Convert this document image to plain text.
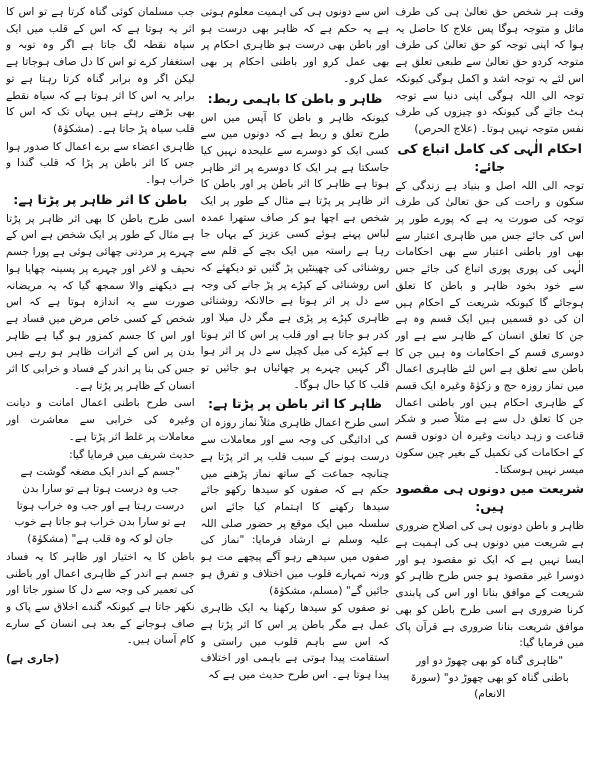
وقت ہر شخص حق تعالیٰ ہی کی طرف مائل و متوجہ ہوگا پس علاج کا حاصل یہ ہوا کہ اپنی توجہ کو حق تعالیٰ کی طرف متوجہ کردو حق تعالیٰ سے طبعی تعلق ہے اس لئے یہ توجہ اشد و اکمل ہوگی کیونکہ توجہ الی اللہ ہوگی اپنی دنیا سے توجہ ہٹ جائے گی کیونکہ دو چیزوں کی طرف نفس متوجہ نہیں ہوتا۔ (علاج الحرص)
احکام الٰہی کی کامل اتباع کی جائے:
توجہ الی اللہ اصل و بنیاد ہے زندگی کے سکون و راحت کی حق تعالیٰ کی طرف توجہ کی صورت یہ ہے کہ پورے طور پر اس کی جائے جس میں ظاہری اعتبار سے بھی اور باطنی اعتبار سے بھی احکامات الٰہی کی پوری پوری اتباع کی جائے جس سے خود بخود ظاہر و باطن کا تعلق ہوجائے گا کیونکہ شریعت کے احکام ہیں ان کی دو قسمیں ہیں ایک قسم وہ ہے جن کا تعلق انسان کے ظاہر سے ہے اور دوسری قسم کے احکامات وہ ہیں جن کا باطن سے تعلق ہے اس لئے ظاہری اعمال میں نماز روزہ حج و زکوٰۃ وغیرہ ایک قسم کے ظاہری احکام ہیں اور باطنی اعمال جن کا تعلق دل سے ہے مثلاً صبر و شکر قناعت و زہد دیانت وغیرہ ان دونوں قسم کے احکامات کی تکمیل کے بغیر چین سکون میسر نہیں ہوسکتا۔
شریعت میں دونوں ہی مقصود ہیں:
ظاہر و باطن دونوں ہی کی اصلاح ضروری ہے شریعت میں دونوں ہی کی اہمیت ہے ایسا نہیں ہے کہ ایک تو مقصود ہو اور دوسرا غیر مقصود ہو جس طرح ظاہر کو شریعت کے موافق بنانا اور اس کی پابندی کرنا ضروری ہے اسی طرح باطن کو بھی موافق شریعت بنانا ضروری ہے قرآن پاک میں فرمایا گیا:
"ظاہری گناہ کو بھی چھوڑ دو اور باطنی گناہ کو بھی چھوڑ دو" (سورۃ الانعام)
اس سے دونوں ہی کی اہمیت معلوم ہوتی ہے یہ حکم ہے کہ ظاہر بھی درست ہو اور باطن بھی درست ہو ظاہری احکام پر بھی عمل کرو اور باطنی احکام پر بھی عمل کرو۔
ظاہر و باطن کا باہمی ربط:
کیونکہ ظاہر و باطن کا آپس میں اس طرح تعلق و ربط ہے کہ دونوں میں سے کسی ایک کو دوسرے سے علیحدہ نہیں کیا جاسکتا ہے ہر ایک کا دوسرے پر اثر ظاہر ہوتا ہے ظاہر کا اثر باطن پر اور باطن کا اثر ظاہر پر پڑتا ہے مثال کے طور پر ایک شخص ہے اچھا ہو کر صاف ستھرا عمدہ لباس پہنے ہوئے کسی عزیز کے یہاں جا رہا ہے راستہ میں ایک بچے کے قلم سے روشنائی کی چھینٹیں پڑ گئیں تو دیکھئے کہ اس روشنائی کے کپڑے پر پڑ جانے کی وجہ سے دل پر اثر ہوتا ہے حالانکہ روشنائی ظاہری کپڑے پر پڑی ہے مگر دل میلا اور کدر ہو جاتا ہے اور قلب پر اس کا اثر ہوتا ہے کپڑے کی میل کچیل سے دل پر اثر ہوا اگر کہیں چہرے پر چھائیاں ہو جائیں تو قلب کا کیا حال ہوگا۔
ظاہر کا اثر باطن پر پڑتا ہے:
اسی طرح اعمال ظاہری مثلاً نماز روزہ ان کی ادائیگی کی وجہ سے اور معاملات سے درست ہونے کے سبب قلب پر اثر پڑتا ہے چنانچہ جماعت کے ساتھ نماز پڑھنے میں حکم ہے کہ صفوں کو سیدھا رکھو جائے سیدھا رکھنے کا اہتمام کیا جائے اس سلسلہ میں ایک موقع پر حضور صلی اللہ علیہ وسلم نے ارشاد فرمایا: "نماز کی صفوں میں سیدھے رہو آگے پیچھے مت ہو ورنہ تمہارے قلوب میں اختلاف و تفرق ہو جائیں گے" (مسلم، مشکوٰۃ)
تو صفوں کو سیدھا رکھنا یہ ایک ظاہری عمل ہے مگر باطن پر اس کا اثر پڑتا ہے کہ اس سے باہم قلوب میں راستی و استقامت پیدا ہوتی ہے باہمی اور اختلاف پیدا ہوتا ہے۔ اس طرح حدیث میں ہے کہ
جب مسلمان کوئی گناہ کرتا ہے تو اس کا اثر یہ ہوتا ہے کہ اس کے قلب میں ایک سیاہ نقطہ لگ جاتا ہے اگر وہ توبہ و استغفار کرے تو اس کا دل صاف ہوجاتا ہے لیکن اگر وہ برابر گناہ کرتا رہتا ہے تو برابر یہ اس کا اثر ہوتا ہے کہ سیاہ نقطے بھی بڑھتے رہتے ہیں یہاں تک کہ اس کا قلب سیاہ پڑ جاتا ہے۔ (مشکوٰۃ)
ظاہری اعضاء سے برے اعمال کا صدور ہوا جس کا اثر باطن پر پڑا کہ قلب گندا و خراب ہوا۔
باطن کا اثر ظاہر پر پڑتا ہے:
اسی طرح باطن کا بھی اثر ظاہر پر پڑتا ہے مثال کے طور پر ایک شخص ہے اس کے چہرے پر مردنی چھائی ہوئی ہے پورا جسم نحیف و لاغر اور چہرے پر پسینہ چھایا ہوا ہے دیکھنے والا سمجھ گیا کہ یہ مریضانہ صورت سے یہ اندازہ ہوتا ہے کہ اس شخص کے کسی خاص مرض میں فساد ہے اور اس کا جسم کمزور ہو گیا ہے ظاہر بدن پر اس کے اثرات ظاہر ہو رہے ہیں جس کی بنا پر اندر کے فساد و خرابی کا اثر انسان کے ظاہر پر پڑتا ہے۔
اسی طرح باطنی اعمال امانت و دیانت وغیرہ کی خرابی سے معاشرت اور معاملات پر غلط اثر پڑتا ہے۔
حدیث شریف میں فرمایا گیا:
"جسم کے اندر ایک مضغہ گوشت ہے جب وہ درست ہوتا ہے تو سارا بدن درست رہتا ہے اور جب وہ خراب ہوتا ہے تو سارا بدن خراب ہو جاتا ہے خوب جان لو کہ وہ قلب ہے" (مشکوٰۃ)
باطن کا یہ اختیار اور ظاہر کا یہ فساد جسم ہے اندر کے ظاہری اعمال اور باطنی کی تعمیر کی وجہ سے دل کا سنور جاتا اور نکھر جاتا ہے کیونکہ گندے اخلاق سے پاک و صاف ہوجانے کے بعد ہی انسان کے سارے کام آسان ہیں۔
(جاری ہے)
